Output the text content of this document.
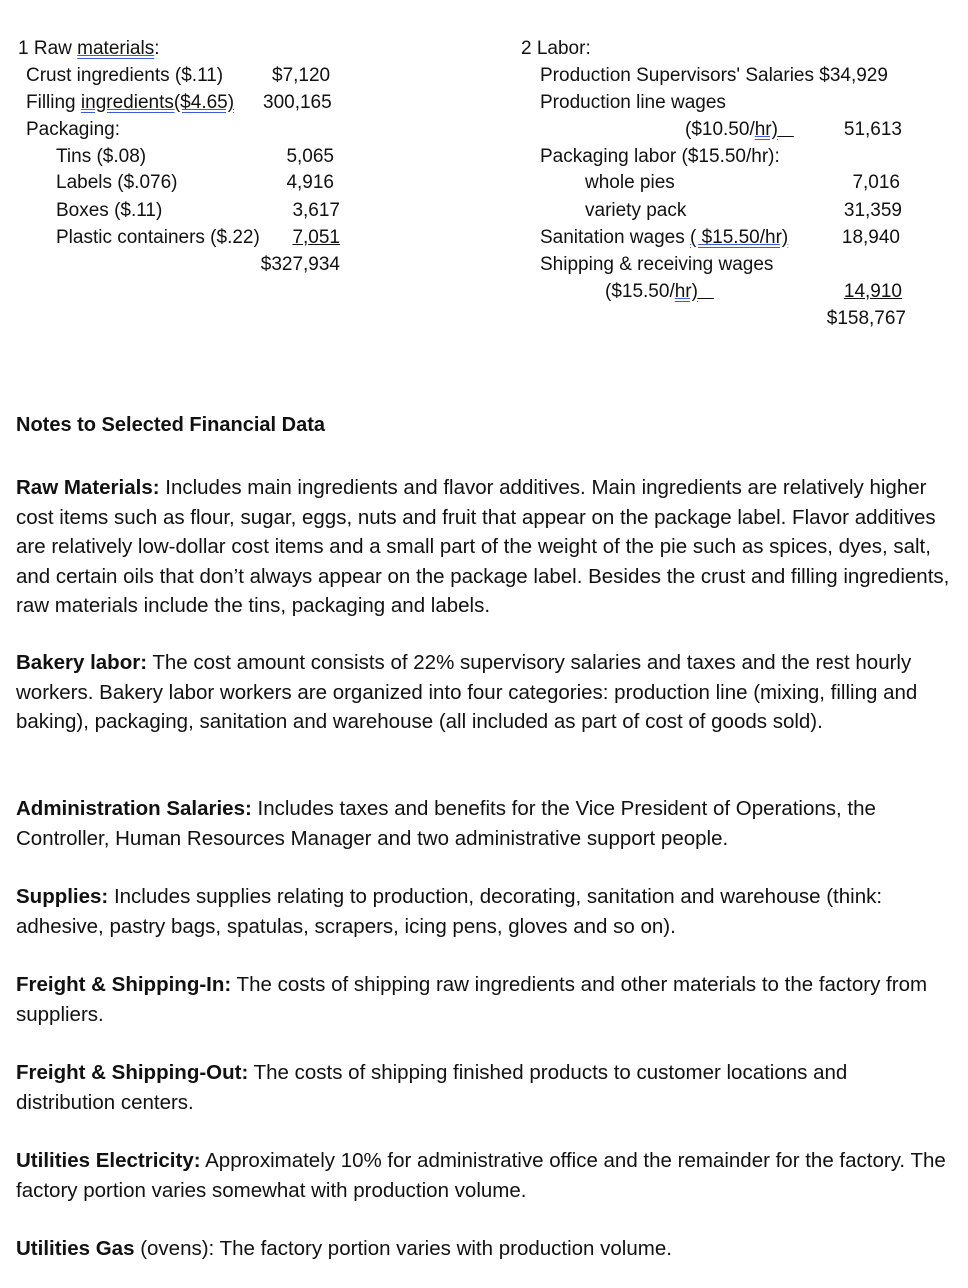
1 Raw materials:
Crust ingredients ($.11)	$7,120
Filling ingredients($4.65) 300,165
Packaging:
Tins ($.08)	5,065
Labels ($.076)	4,916
Boxes ($.11)	3,617
Plastic containers ($.22)	7,051
$327,934
2 Labor:
Production Supervisors' Salaries $34,929
Production line wages
($10.50/hr)	51,613
Packaging labor ($15.50/hr):
whole pies	7,016
variety pack	31,359
Sanitation wages ( $15.50/hr)	18,940
Shipping & receiving wages
($15.50/hr)	14,910
$158,767
Notes to Selected Financial Data
Raw Materials: Includes main ingredients and flavor additives. Main ingredients are relatively higher cost items such as flour, sugar, eggs, nuts and fruit that appear on the package label. Flavor additives are relatively low-dollar cost items and a small part of the weight of the pie such as spices, dyes, salt, and certain oils that don’t always appear on the package label. Besides the crust and filling ingredients, raw materials include the tins, packaging and labels.
Bakery labor: The cost amount consists of 22% supervisory salaries and taxes and the rest hourly workers. Bakery labor workers are organized into four categories: production line (mixing, filling and baking), packaging, sanitation and warehouse (all included as part of cost of goods sold).
Administration Salaries: Includes taxes and benefits for the Vice President of Operations, the Controller, Human Resources Manager and two administrative support people.
Supplies: Includes supplies relating to production, decorating, sanitation and warehouse (think: adhesive, pastry bags, spatulas, scrapers, icing pens, gloves and so on).
Freight & Shipping-In: The costs of shipping raw ingredients and other materials to the factory from suppliers.
Freight & Shipping-Out: The costs of shipping finished products to customer locations and distribution centers.
Utilities Electricity: Approximately 10% for administrative office and the remainder for the factory. The factory portion varies somewhat with production volume.
Utilities Gas (ovens): The factory portion varies with production volume.
